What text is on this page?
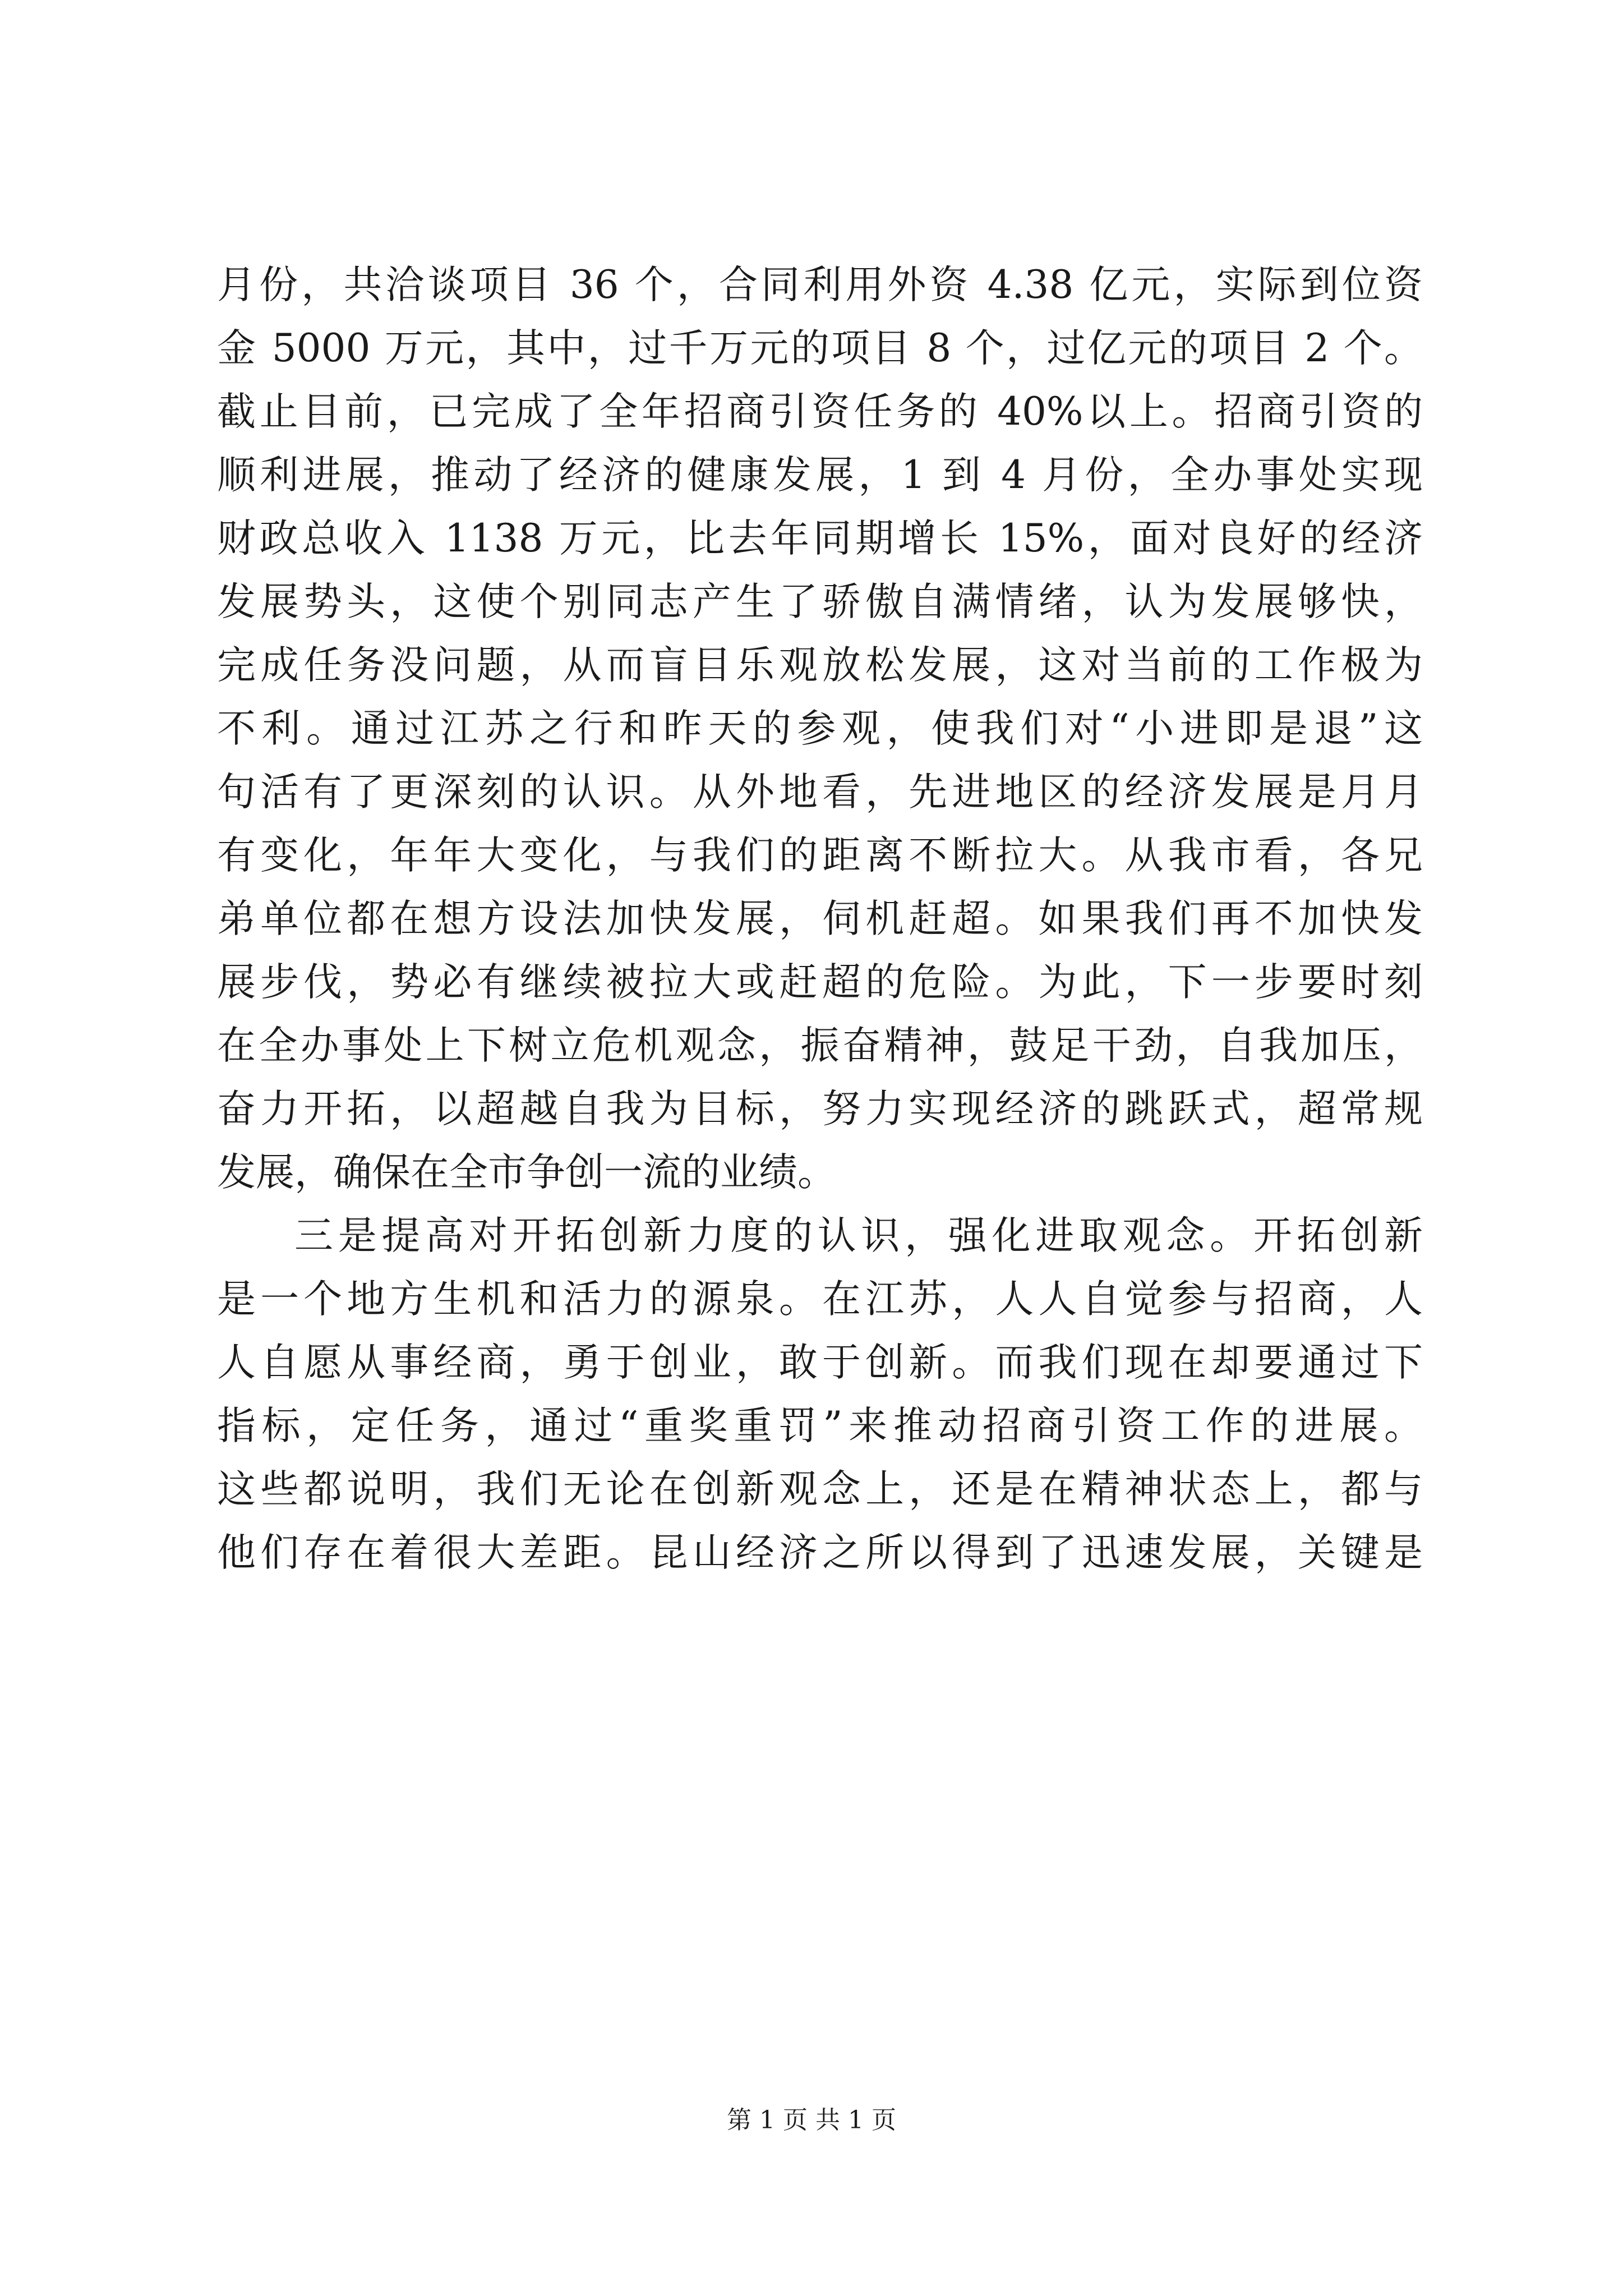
月份，共洽谈项目 36 个，合同利用外资 4.38 亿元，实际到位资
金 5000 万元，其中，过千万元的项目 8 个，过亿元的项目 2 个。
截止目前，已完成了全年招商引资任务的 40%以上。招商引资的
顺利进展，推动了经济的健康发展，1 到 4 月份，全办事处实现
财政总收入 1138 万元，比去年同期增长 15%，面对良好的经济
发展势头，这使个别同志产生了骄傲自满情绪，认为发展够快，
完成任务没问题，从而盲目乐观放松发展，这对当前的工作极为
不利。通过江苏之行和昨天的参观，使我们对“小进即是退”这
句活有了更深刻的认识。从外地看，先进地区的经济发展是月月
有变化，年年大变化，与我们的距离不断拉大。从我市看，各兄
弟单位都在想方设法加快发展，伺机赶超。如果我们再不加快发
展步伐，势必有继续被拉大或赶超的危险。为此，下一步要时刻
在全办事处上下树立危机观念，振奋精神，鼓足干劲，自我加压，
奋力开拓，以超越自我为目标，努力实现经济的跳跃式，超常规
发展，确保在全市争创一流的业绩。
三是提高对开拓创新力度的认识，强化进取观念。开拓创新
是一个地方生机和活力的源泉。在江苏，人人自觉参与招商，人
人自愿从事经商，勇于创业，敢于创新。而我们现在却要通过下
指标，定任务，通过“重奖重罚”来推动招商引资工作的进展。
这些都说明，我们无论在创新观念上，还是在精神状态上，都与
他们存在着很大差距。昆山经济之所以得到了迅速发展，关键是
第 1 页 共 1 页
